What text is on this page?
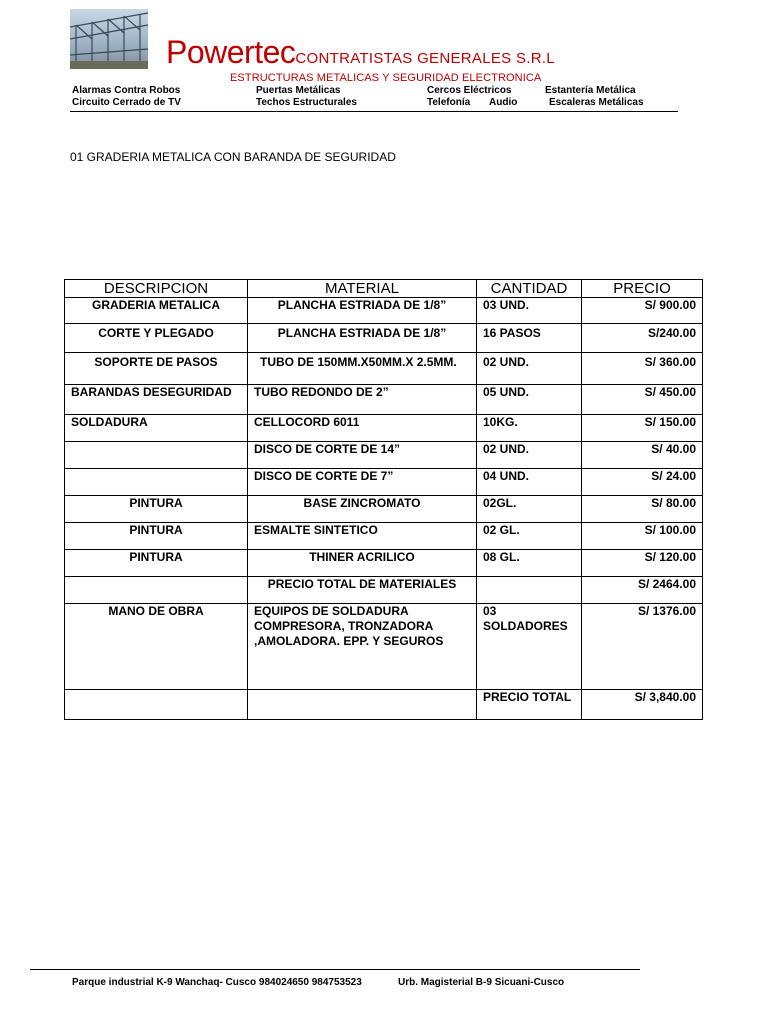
PowertecCONTRATISTAS GENERALES S.R.L
ESTRUCTURAS METALICAS Y SEGURIDAD ELECTRONICA
Alarmas Contra Robos	Puertas Metálicas	Cercos Eléctricos	Estantería Metálica
Circuito Cerrado de TV	Techos Estructurales	Telefonía Audio	Escaleras Metálicas
01 GRADERIA METALICA CON BARANDA DE SEGURIDAD
DESCRIPCION	MATERIAL	CANTIDAD	PRECIO
GRADERIA METALICA	PLANCHA ESTRIADA DE 1/8”	03 UND.	S/ 900.00
CORTE Y PLEGADO	PLANCHA ESTRIADA DE 1/8”	16 PASOS	S/240.00
SOPORTE DE PASOS	TUBO DE 150MM.X50MM.X 2.5MM.	02 UND.	S/ 360.00
BARANDAS DESEGURIDAD	TUBO REDONDO DE 2”	05 UND.	S/ 450.00
SOLDADURA	CELLOCORD 6011	10KG.	S/ 150.00
	DISCO DE CORTE DE 14”	02 UND.	S/ 40.00
	DISCO DE CORTE DE 7”	04 UND.	S/ 24.00
PINTURA	BASE ZINCROMATO	02GL.	S/ 80.00
PINTURA	ESMALTE SINTETICO	02 GL.	S/ 100.00
PINTURA	THINER ACRILICO	08 GL.	S/ 120.00
	PRECIO TOTAL DE MATERIALES		S/ 2464.00
MANO DE OBRA	EQUIPOS DE SOLDADURA COMPRESORA, TRONZADORA ,AMOLADORA. EPP. Y SEGUROS	03 SOLDADORES	S/ 1376.00
		PRECIO TOTAL	S/ 3,840.00
Parque industrial K-9 Wanchaq- Cusco 984024650 984753523	Urb. Magisterial B-9 Sicuani-Cusco
